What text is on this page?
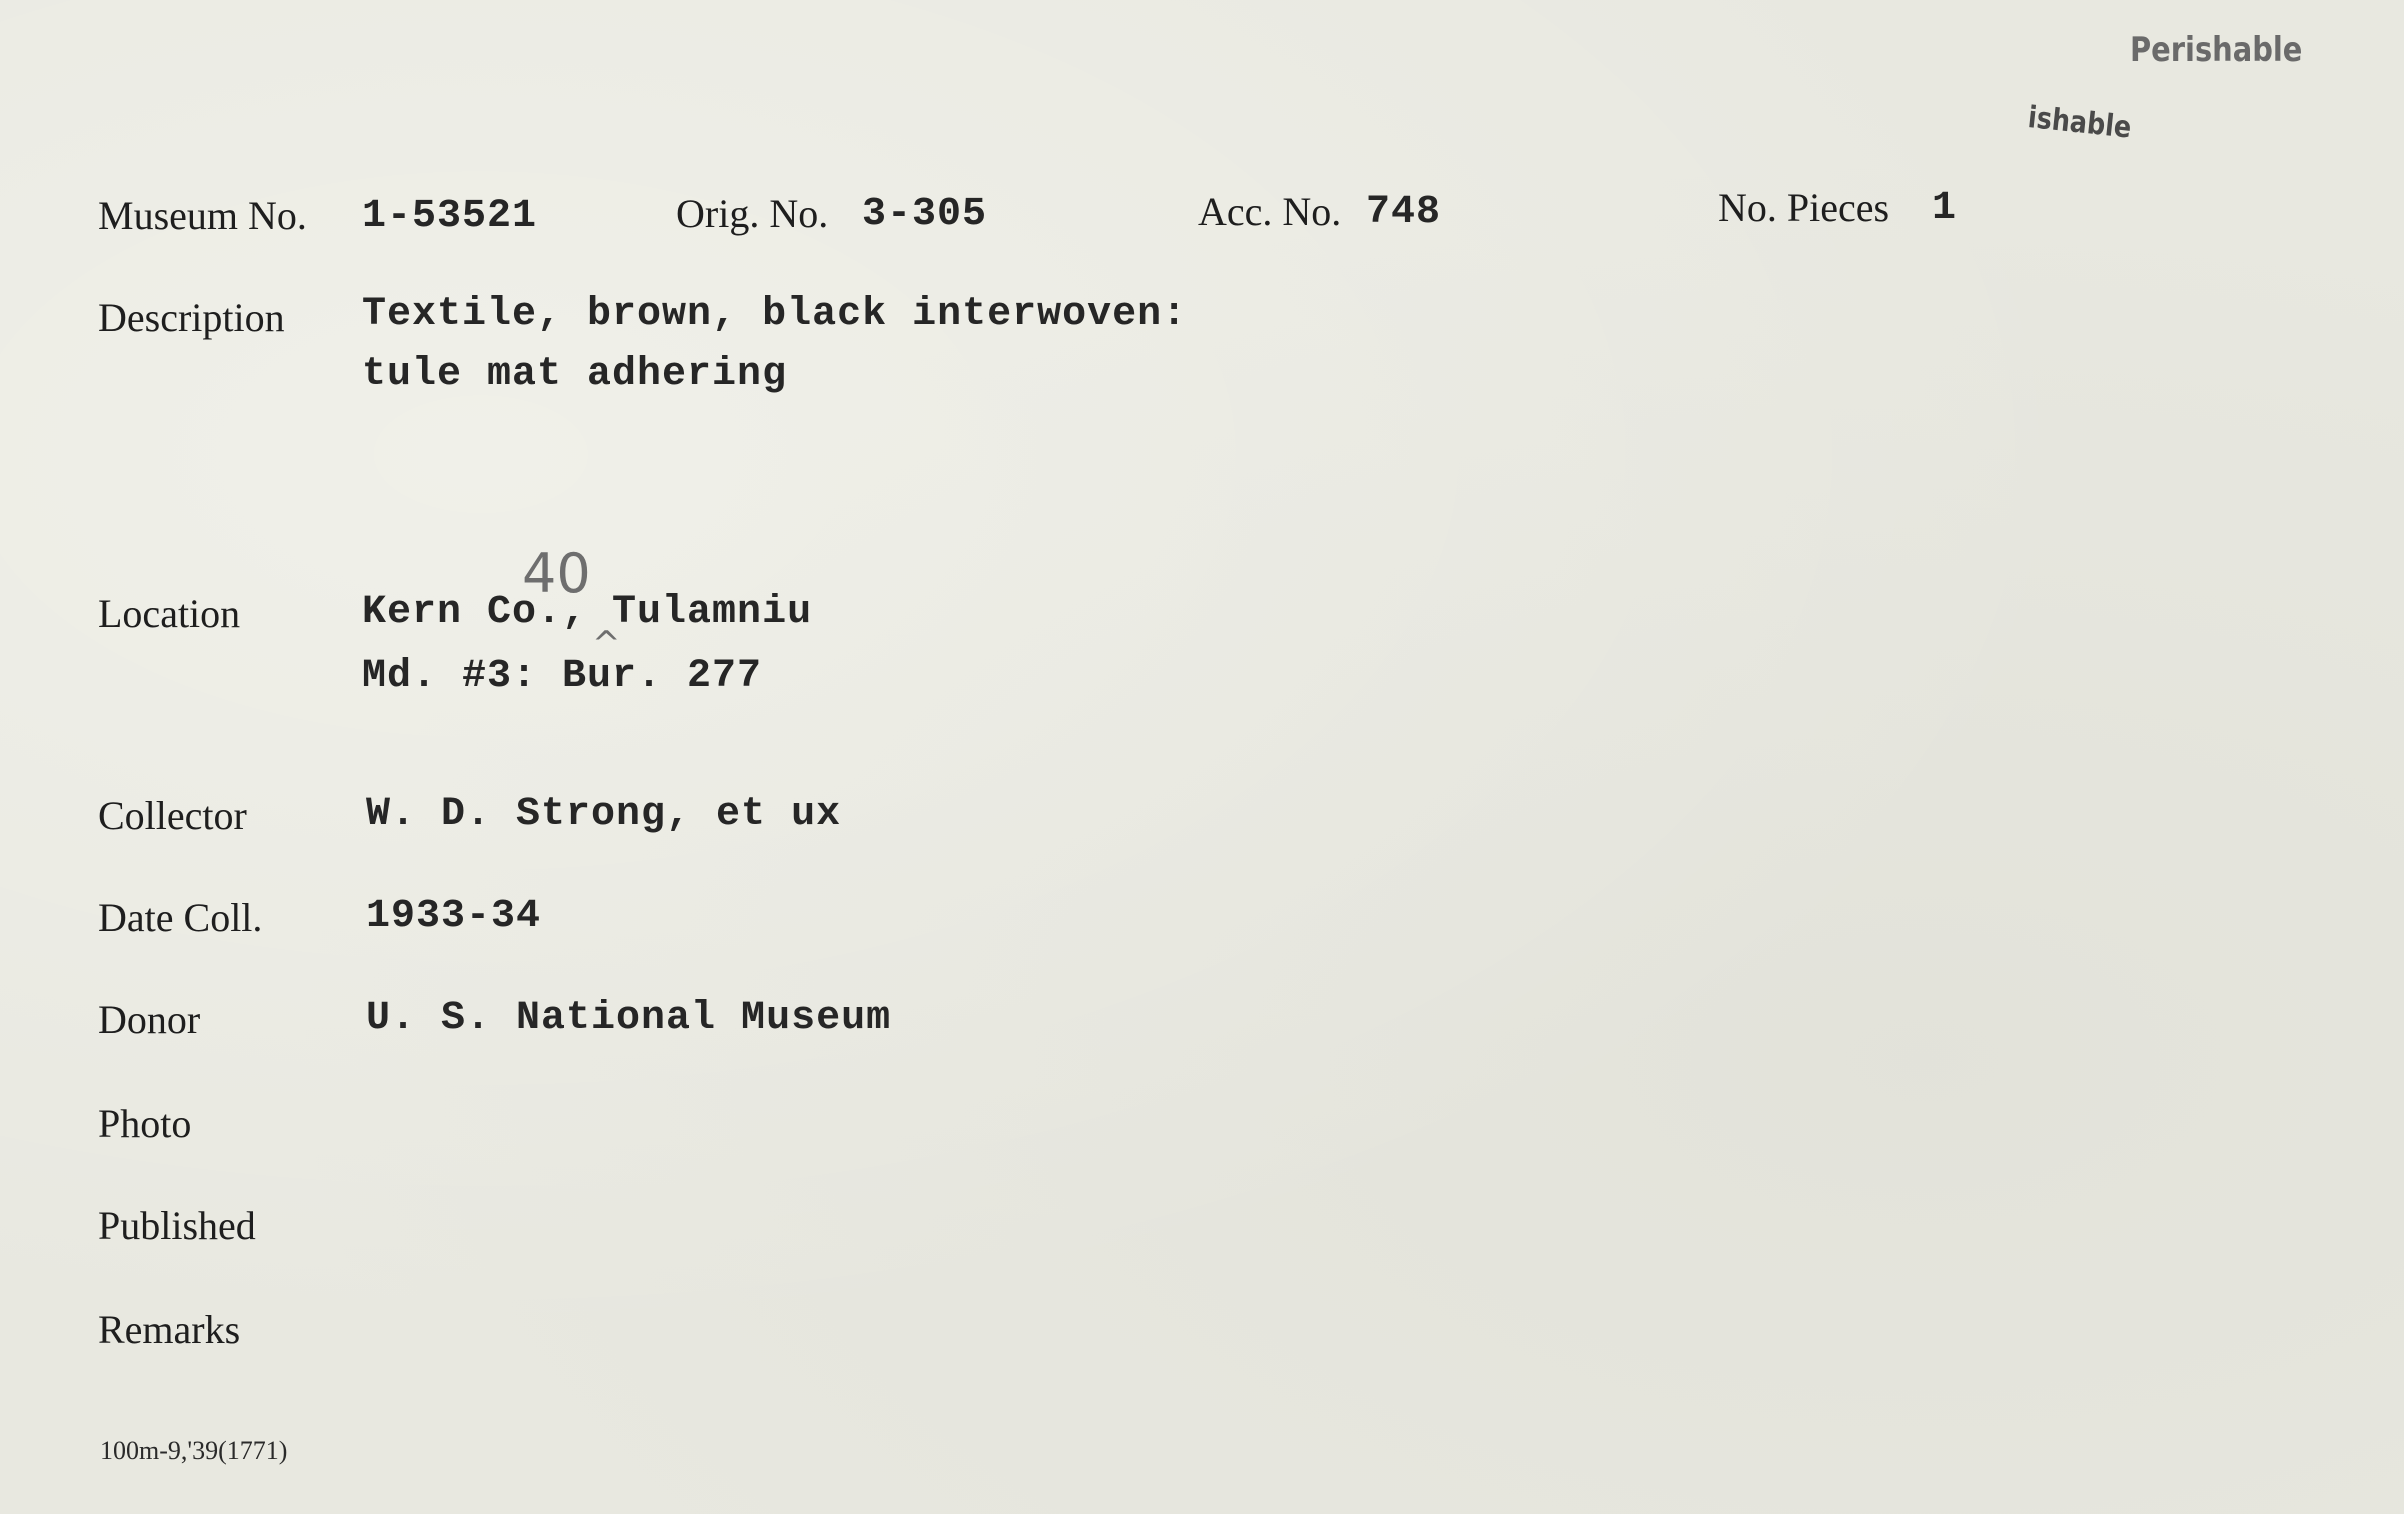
Perishable
ishable
Museum No. 1-53521	Orig. No. 3-305	Acc. No. 748	No. Pieces 1
Description Textile, brown, black interwoven:
tule mat adhering
Location	Kern Co., Tulamniu
Md. #3: Bur. 277
40
^
Collector	W. D. Strong, et ux
Date Coll.	1933-34
Donor	U. S. National Museum
Photo
Published
Remarks
100m-9,'39(1771)
